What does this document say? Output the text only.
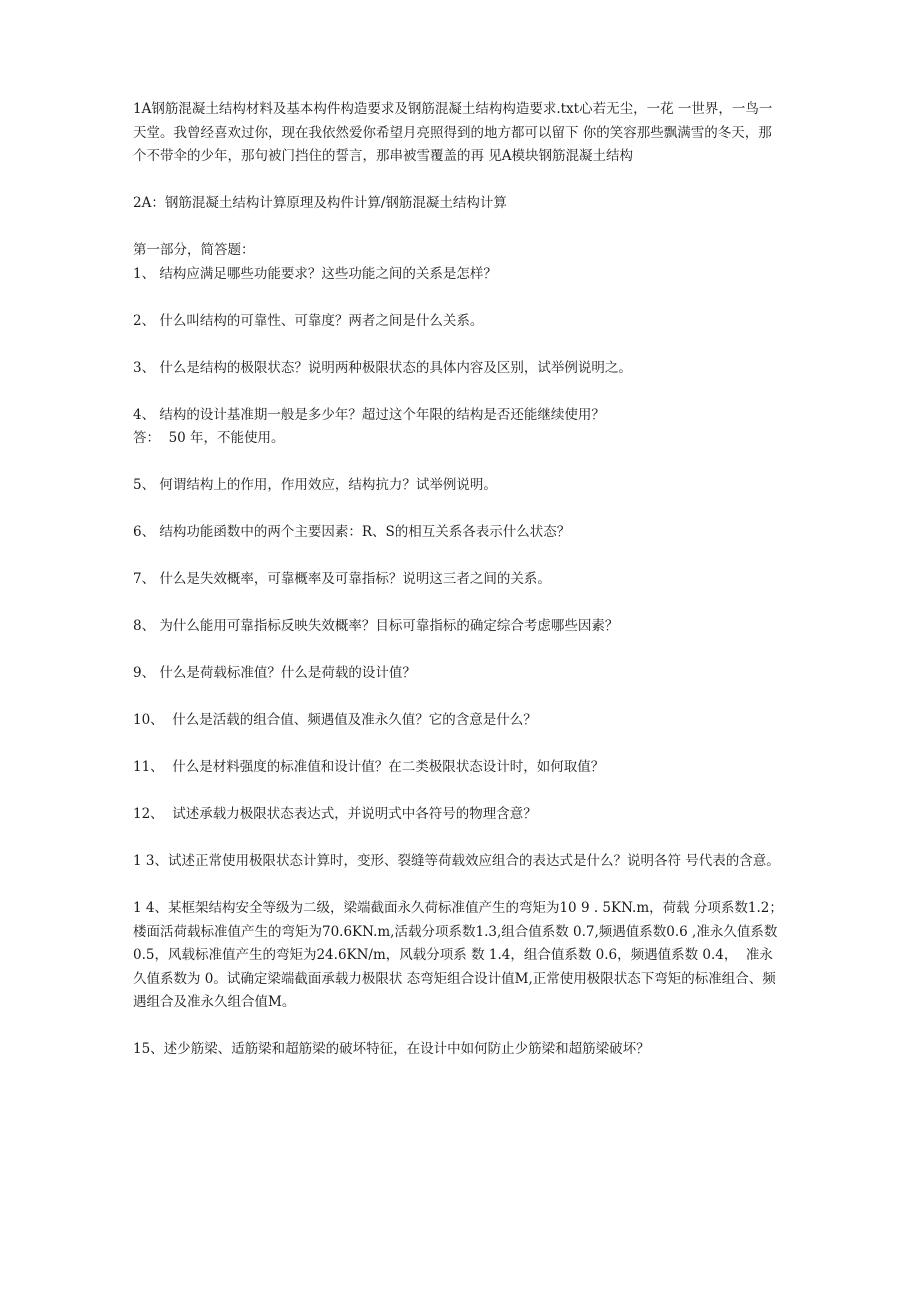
1A钢筋混凝土结构材料及基本构件构造要求及钢筋混凝土结构构造要求.txt心若无尘，一花 一世界，一鸟一天堂。我曾经喜欢过你，现在我依然爱你希望月亮照得到的地方都可以留下 你的笑容那些飘满雪的冬天，那个不带伞的少年，那句被门挡住的誓言，那串被雪覆盖的再 见A模块钢筋混凝土结构

2A：钢筋混凝土结构计算原理及构件计算/钢筋混凝土结构计算

第一部分，简答题：

1、 结构应满足哪些功能要求？这些功能之间的关系是怎样？

2、 什么叫结构的可靠性、可靠度？两者之间是什么关系。

3、 什么是结构的极限状态？说明两种极限状态的具体内容及区别，试举例说明之。

4、 结构的设计基准期一般是多少年？超过这个年限的结构是否还能继续使用？

答：  50 年，不能使用。

5、 何谓结构上的作用，作用效应，结构抗力？试举例说明。

6、 结构功能函数中的两个主要因素：R、S的相互关系各表示什么状态？

7、 什么是失效概率，可靠概率及可靠指标？说明这三者之间的关系。

8、 为什么能用可靠指标反映失效概率？目标可靠指标的确定综合考虑哪些因素？

9、 什么是荷载标准值？什么是荷载的设计值？

10、  什么是活载的组合值、频遇值及准永久值？它的含意是什么？

11、  什么是材料强度的标准值和设计值？在二类极限状态设计时，如何取值？

12、  试述承载力极限状态表达式，并说明式中各符号的物理含意？

1 3、试述正常使用极限状态计算时，变形、裂缝等荷载效应组合的表达式是什么？说明各符 号代表的含意。

1 4、某框架结构安全等级为二级，梁端截面永久荷标准值产生的弯矩为10 9 . 5KN.m，荷载 分项系数1.2；楼面活荷载标准值产生的弯矩为70.6KN.m,活载分项系数1.3,组合值系数 0.7,频遇值系数0.6 ,准永久值系数0.5，风载标准值产生的弯矩为24.6KN/m，风载分项系 数 1.4，组合值系数 0.6，频遇值系数 0.4，  准永久值系数为 0。试确定梁端截面承载力极限状 态弯矩组合设计值M,正常使用极限状态下弯矩的标准组合、频遇组合及准永久组合值M。

15、述少筋梁、适筋梁和超筋梁的破坏特征，在设计中如何防止少筋梁和超筋梁破坏？
